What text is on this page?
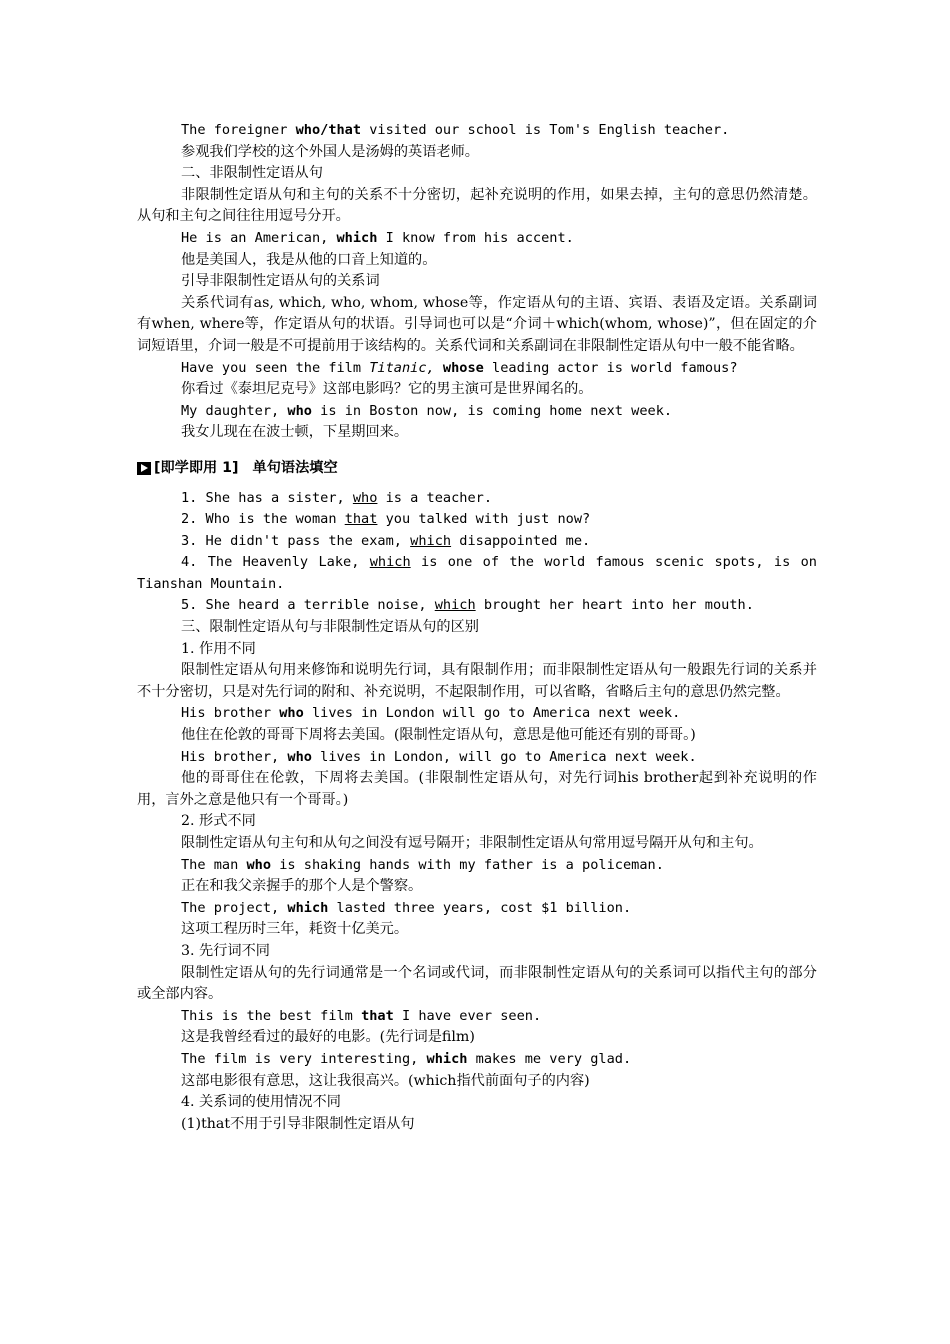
The foreigner who/that visited our school is Tom's English teacher.

参观我们学校的这个外国人是汤姆的英语老师。

二、非限制性定语从句

非限制性定语从句和主句的关系不十分密切，起补充说明的作用，如果去掉，主句的意思仍然清楚。从句和主句之间往往用逗号分开。

He is an American, which I know from his accent.

他是美国人，我是从他的口音上知道的。

引导非限制性定语从句的关系词

关系代词有as, which, who, whom, whose等，作定语从句的主语、宾语、表语及定语。关系副词有when, where等，作定语从句的状语。引导词也可以是“介词＋which(whom, whose)”，但在固定的介词短语里，介词一般是不可提前用于该结构的。关系代词和关系副词在非限制性定语从句中一般不能省略。

Have you seen the film Titanic, whose leading actor is world famous?

你看过《泰坦尼克号》这部电影吗？它的男主演可是世界闻名的。

My daughter, who is in Boston now, is coming home next week.

我女儿现在在波士顿，下星期回来。

[即学即用 1] 单句语法填空

1. She has a sister, who is a teacher.

2. Who is the woman that you talked with just now?

3. He didn't pass the exam, which disappointed me.

4. The Heavenly Lake, which is one of the world famous scenic spots, is on Tianshan Mountain.

5. She heard a terrible noise, which brought her heart into her mouth.

三、限制性定语从句与非限制性定语从句的区别

1. 作用不同

限制性定语从句用来修饰和说明先行词，具有限制作用；而非限制性定语从句一般跟先行词的关系并不十分密切，只是对先行词的附和、补充说明，不起限制作用，可以省略，省略后主句的意思仍然完整。

His brother who lives in London will go to America next week.

他住在伦敦的哥哥下周将去美国。(限制性定语从句，意思是他可能还有别的哥哥。)

His brother, who lives in London, will go to America next week.

他的哥哥住在伦敦，下周将去美国。(非限制性定语从句，对先行词his brother起到补充说明的作用，言外之意是他只有一个哥哥。)

2. 形式不同

限制性定语从句主句和从句之间没有逗号隔开；非限制性定语从句常用逗号隔开从句和主句。

The man who is shaking hands with my father is a policeman.

正在和我父亲握手的那个人是个警察。

The project, which lasted three years, cost $1 billion.

这项工程历时三年，耗资十亿美元。

3. 先行词不同

限制性定语从句的先行词通常是一个名词或代词，而非限制性定语从句的关系词可以指代主句的部分或全部内容。

This is the best film that I have ever seen.

这是我曾经看过的最好的电影。(先行词是film)

The film is very interesting, which makes me very glad.

这部电影很有意思，这让我很高兴。(which指代前面句子的内容)

4. 关系词的使用情况不同

(1)that不用于引导非限制性定语从句
